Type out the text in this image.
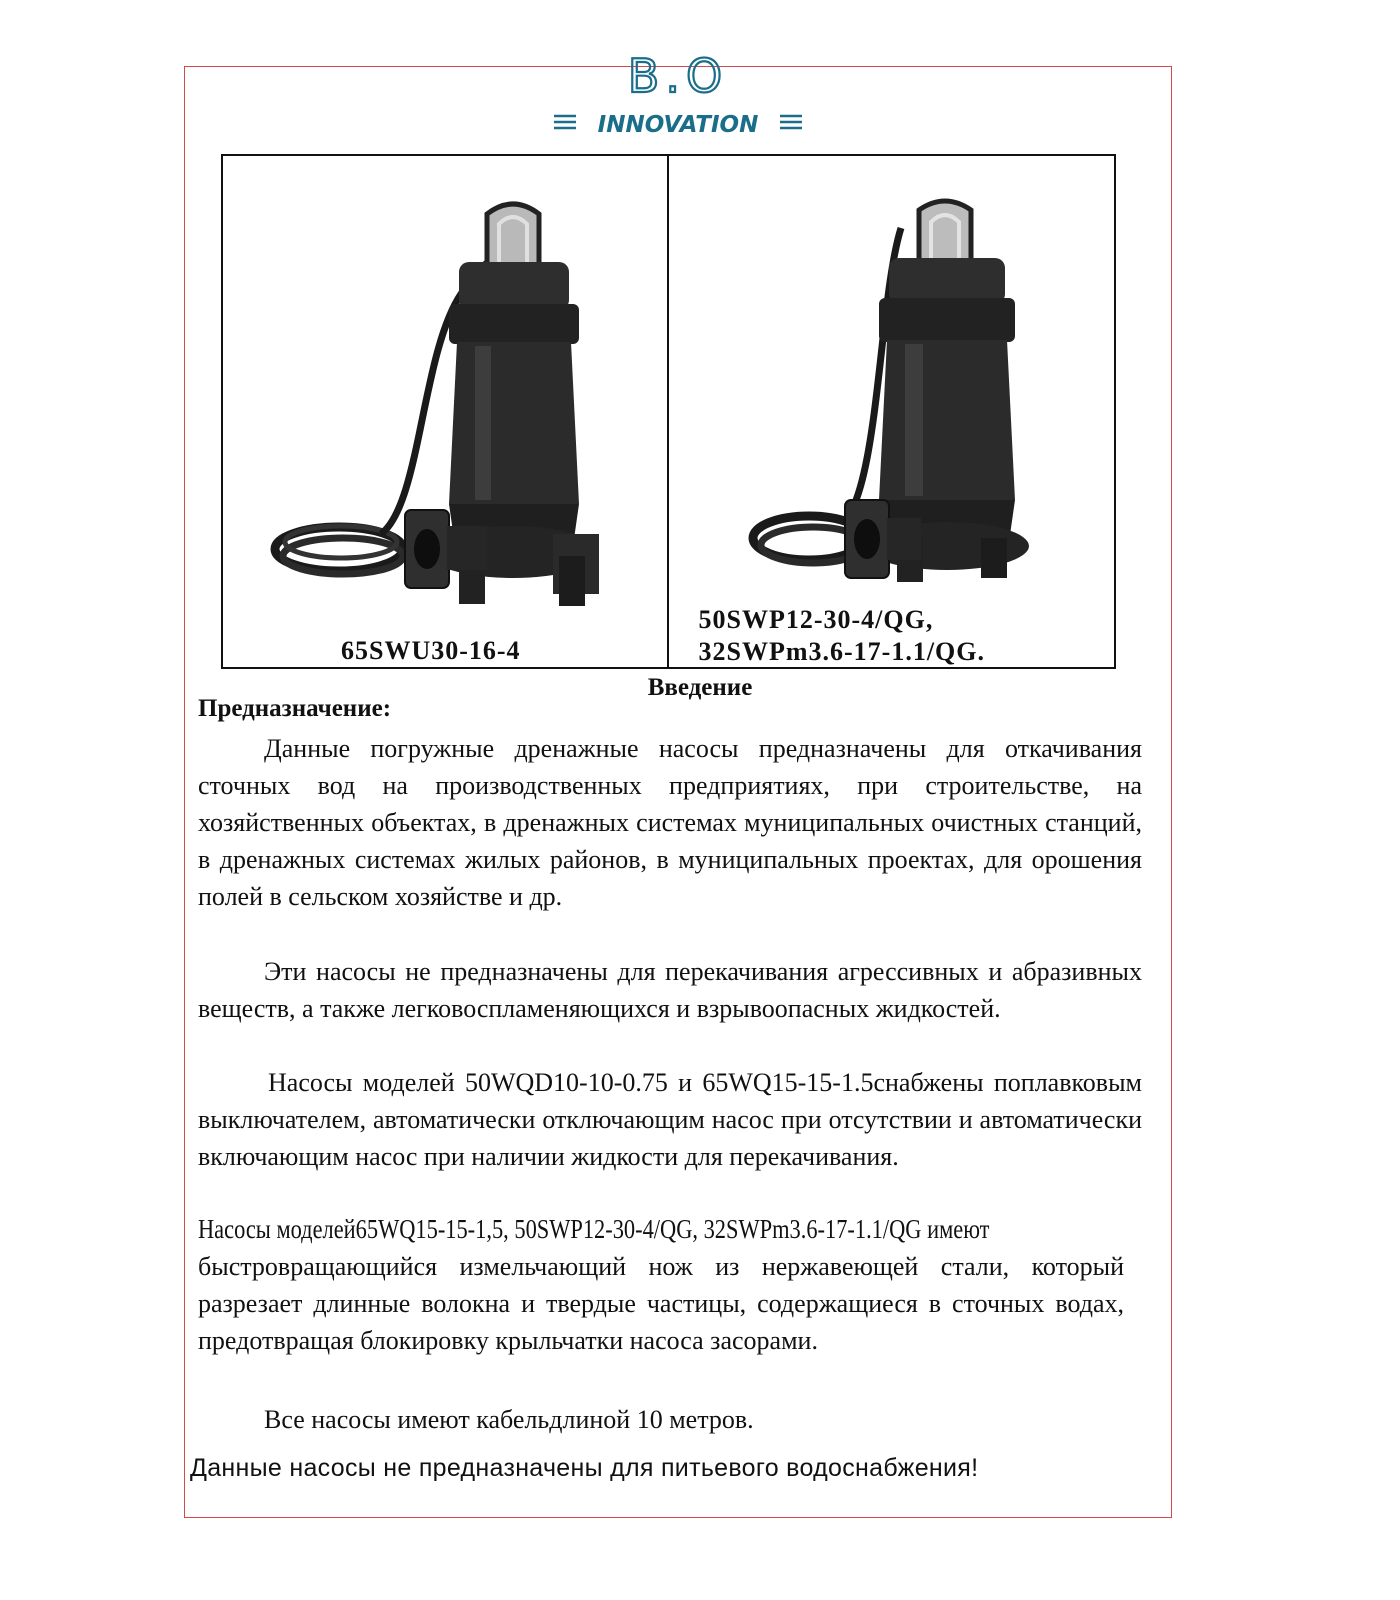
B.O
INNOVATION
65SWU30-16-4
50SWP12-30-4/QG,
32SWPm3.6-17-1.1/QG.
Введение
Предназначение:
Данные погружные дренажные насосы предназначены для откачивания сточных вод на производственных предприятиях, при строительстве, на хозяйственных объектах, в дренажных системах муниципальных очистных станций, в дренажных системах жилых районов, в муниципальных проектах, для орошения полей в сельском хозяйстве и др.
Эти насосы не предназначены для перекачивания агрессивных и абразивных веществ, а также легковоспламеняющихся и взрывоопасных жидкостей.
Насосы моделей 50WQD10-10-0.75 и 65WQ15-15-1.5снабжены поплавковым выключателем, автоматически отключающим насос при отсутствии и автоматически включающим насос при наличии жидкости для перекачивания.
Насосы моделей65WQ15-15-1,5, 50SWP12-30-4/QG, 32SWPm3.6-17-1.1/QG имеют
быстровращающийся измельчающий нож из нержавеющей стали, который разрезает длинные волокна и твердые частицы, содержащиеся в сточных водах, предотвращая блокировку крыльчатки насоса засорами.
Все насосы имеют кабельдлиной 10 метров.
Данные насосы не предназначены для питьевого водоснабжения!
